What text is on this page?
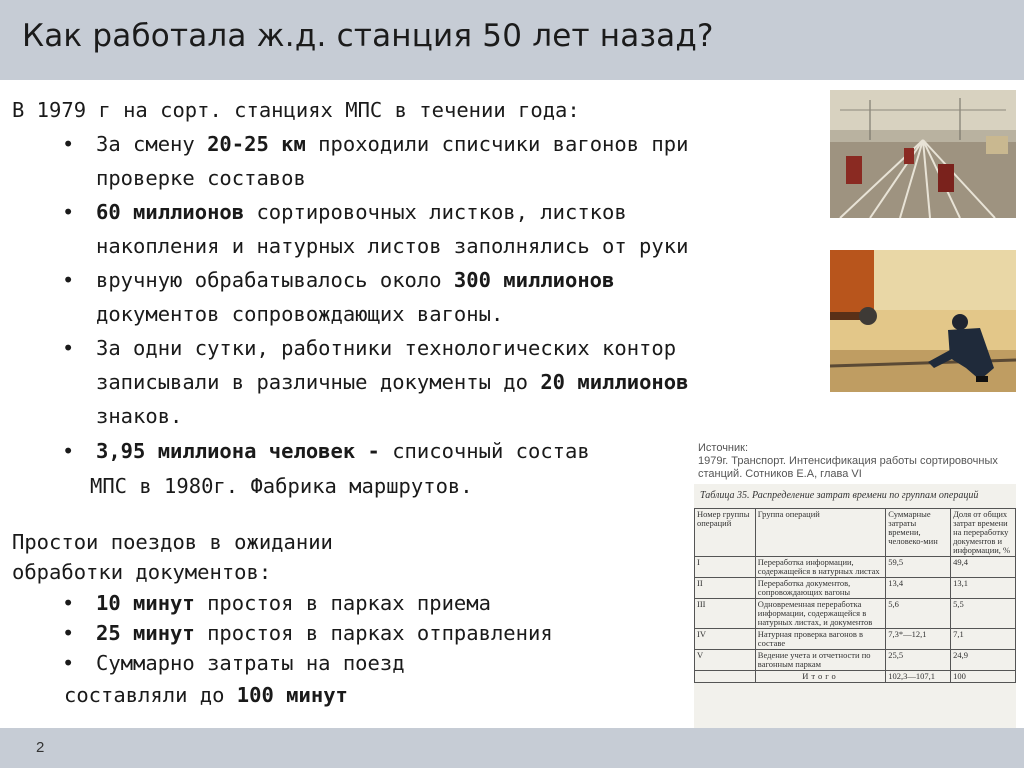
Как работала ж.д. станция 50 лет назад?
В 1979 г на сорт. станциях МПС в течении года:
• За смену 20-25 км проходили списчики вагонов при
проверке составов
• 60 миллионов сортировочных листков, листков
накопления и натурных листов заполнялись от руки
• вручную обрабатывалось около 300 миллионов
документов сопровождающих вагоны.
• За одни сутки, работники технологических контор
записывали в различные документы до 20 миллионов
знаков.
• 3,95 миллиона человек - списочный состав
МПС в 1980г. Фабрика маршрутов.
Простои поездов в ожидании
обработки документов:
• 10 минут простоя в парках приема
• 25 минут простоя в парках отправления
• Суммарно затраты на поезд
составляли до 100 минут
Источник:
1979г. Транспорт. Интенсификация работы сортировочных
станций. Сотников Е.А, глава VI
Таблица 35. Распределение затрат времени по группам операций
Номер группы операций	Группа операций	Суммарные затраты времени, человеко-мин	Доля от общих затрат времени на переработку документов и информации, %
I	Переработка информации, содержащейся в натурных листах	59,5	49,4
II	Переработка документов, сопровождающих вагоны	13,4	13,1
III	Одновременная переработка информации, содержащейся в натурных листах, и документов	5,6	5,5
IV	Натурная проверка вагонов в составе	7,3*—12,1	7,1
V	Ведение учета и отчетности по вагонным паркам	25,5	24,9
	Итого	102,3—107,1	100
2
